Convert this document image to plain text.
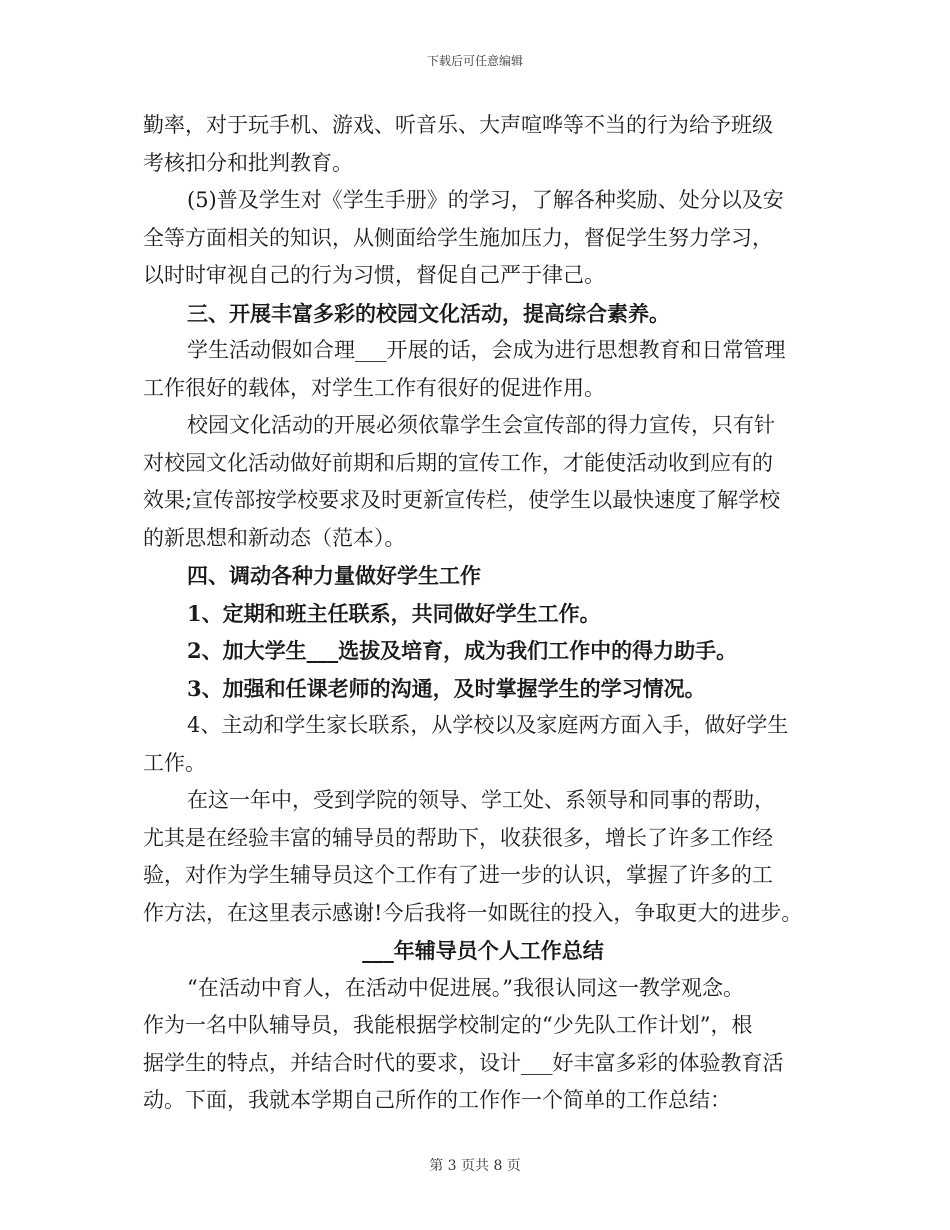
下载后可任意编辑
勤率，对于玩手机、游戏、听音乐、大声喧哗等不当的行为给予班级
考核扣分和批判教育。
(5)普及学生对《学生手册》的学习，了解各种奖励、处分以及安
全等方面相关的知识，从侧面给学生施加压力，督促学生努力学习，
以时时审视自己的行为习惯，督促自己严于律己。
三、开展丰富多彩的校园文化活动，提高综合素养。
学生活动假如合理___开展的话，会成为进行思想教育和日常管理
工作很好的载体，对学生工作有很好的促进作用。
校园文化活动的开展必须依靠学生会宣传部的得力宣传，只有针
对校园文化活动做好前期和后期的宣传工作，才能使活动收到应有的
效果;宣传部按学校要求及时更新宣传栏，使学生以最快速度了解学校
的新思想和新动态（范本）。
四、调动各种力量做好学生工作
1、定期和班主任联系，共同做好学生工作。
2、加大学生___选拔及培育，成为我们工作中的得力助手。
3、加强和任课老师的沟通，及时掌握学生的学习情况。
4、主动和学生家长联系，从学校以及家庭两方面入手，做好学生
工作。
在这一年中，受到学院的领导、学工处、系领导和同事的帮助，
尤其是在经验丰富的辅导员的帮助下，收获很多，增长了许多工作经
验，对作为学生辅导员这个工作有了进一步的认识，掌握了许多的工
作方法，在这里表示感谢!今后我将一如既往的投入，争取更大的进步。
___年辅导员个人工作总结
“在活动中育人，在活动中促进展。”我很认同这一教学观念。
作为一名中队辅导员，我能根据学校制定的“少先队工作计划”，根
据学生的特点，并结合时代的要求，设计___好丰富多彩的体验教育活
动。下面，我就本学期自己所作的工作作一个简单的工作总结：
第 3 页共 8 页
